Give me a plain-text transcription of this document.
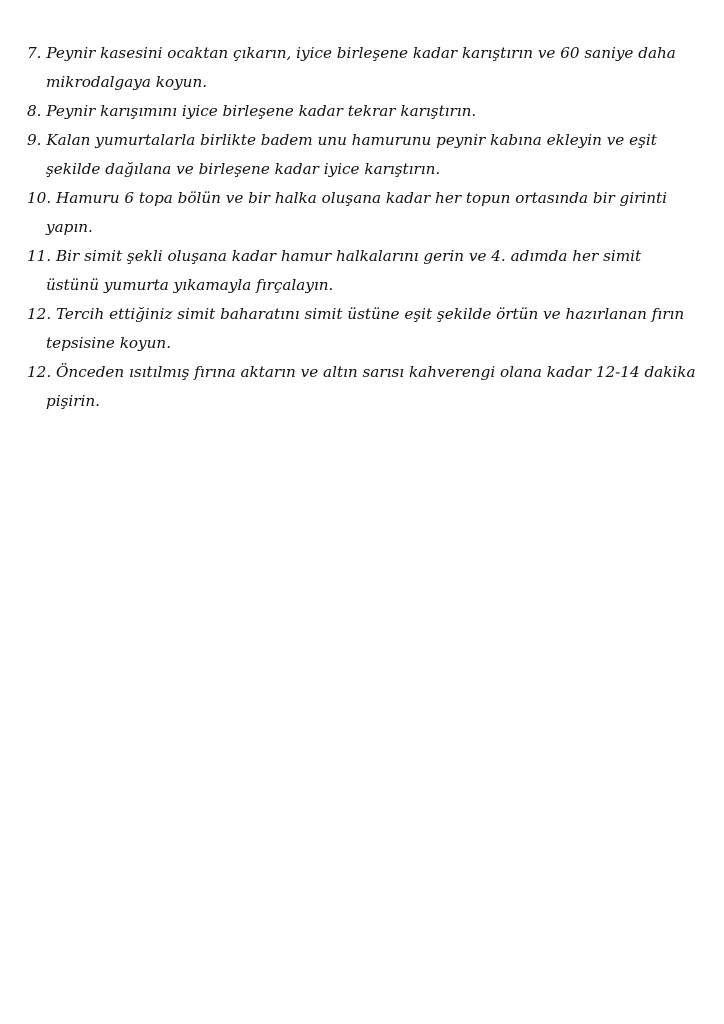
7. Peynir kasesini ocaktan çıkarın, iyice birleşene kadar karıştırın ve 60 saniye daha mikrodalgaya koyun.
8. Peynir karışımını iyice birleşene kadar tekrar karıştırın.
9. Kalan yumurtalarla birlikte badem unu hamurunu peynir kabına ekleyin ve eşit şekilde dağılana ve birleşene kadar iyice karıştırın.
10. Hamuru 6 topa bölün ve bir halka oluşana kadar her topun ortasında bir girinti yapın.
11. Bir simit şekli oluşana kadar hamur halkalarını gerin ve 4. adımda her simit üstünü yumurta yıkamayla fırçalayın.
12. Tercih ettiğiniz simit baharatını simit üstüne eşit şekilde örtün ve hazırlanan fırın tepsisine koyun.
12. Önceden ısıtılmış fırına aktarın ve altın sarısı kahverengi olana kadar 12-14 dakika pişirin.
